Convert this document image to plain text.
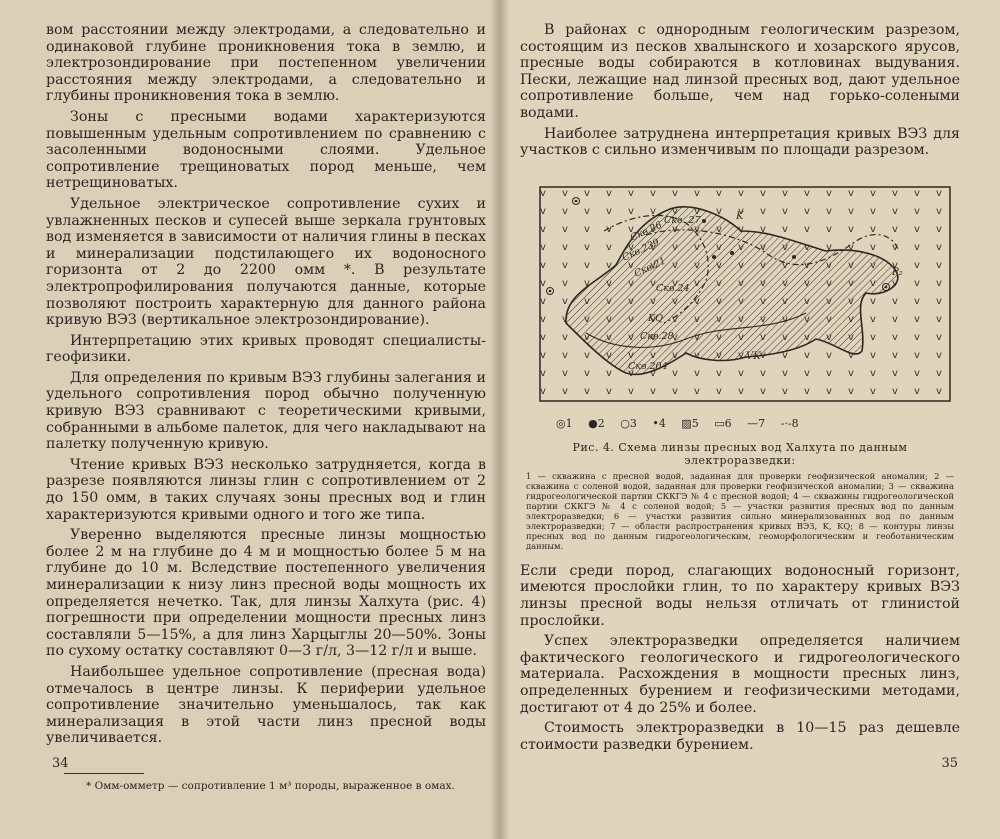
вом расстоянии между электродами, а следовательно и одинаковой глубине проникновения тока в землю, и электрозондирование при постепенном увеличении расстояния между электродами, а следовательно и глубины проникновения тока в землю.

Зоны с пресными водами характеризуются повышенным удельным сопротивлением по сравнению с засоленными водоносными слоями. Удельное сопротивление трещиноватых пород меньше, чем нетрещиноватых.

Удельное электрическое сопротивление сухих и увлажненных песков и супесей выше зеркала грунтовых вод изменяется в зависимости от наличия глины в песках и минерализации подстилающего их водоносного горизонта от 2 до 2200 омм *. В результате электропрофилирования получаются данные, которые позволяют построить характерную для данного района кривую ВЭЗ (вертикальное электрозондирование).

Интерпретацию этих кривых проводят специалисты-геофизики.

Для определения по кривым ВЭЗ глубины залегания и удельного сопротивления пород обычно полученную кривую ВЭЗ сравнивают с теоретическими кривыми, собранными в альбоме палеток, для чего накладывают на палетку полученную кривую.

Чтение кривых ВЭЗ несколько затрудняется, когда в разрезе появляются линзы глин с сопротивлением от 2 до 150 омм, в таких случаях зоны пресных вод и глин характеризуются кривыми одного и того же типа.

Уверенно выделяются пресные линзы мощностью более 2 м на глубине до 4 м и мощностью более 5 м на глубине до 10 м. Вследствие постепенного увеличения минерализации к низу линз пресной воды мощность их определяется нечетко. Так, для линзы Халхута (рис. 4) погрешности при определении мощности пресных линз составляли 5—15%, а для линз Харцыглы 20—50%. Зоны по сухому остатку составляют 0—3 г/л, 3—12 г/л и выше.

Наибольшее удельное сопротивление (пресная вода) отмечалось в центре линзы. К периферии удельное сопротивление значительно уменьшалось, так как минерализация в этой части линз пресной воды увеличивается.

* Омм-омметр — сопротивление 1 м³ породы, выраженное в омах.

34

В районах с однородным геологическим разрезом, состоящим из песков хвалынского и хозарского ярусов, пресные воды собираются в котловинах выдувания. Пески, лежащие над линзой пресных вод, дают удельное сопротивление больше, чем над горько-солеными водами.

Наиболее затруднена интерпретация кривых ВЭЗ для участков с сильно изменчивым по площади разрезом.

Скв. 27
Скв.26
Скв.239
Скв.21
Скв.24
KQ
Скв.28
Скв.204
K
VK
P₂
◎1 ●2 ○3 •4 ▨5 ▭6 —7 -·-8
Рис. 4. Схема линзы пресных вод Халхута по данным электроразведки:
1 — скважина с пресной водой, заданная для проверки геофизической аномалии; 2 — скважина с соленой водой, заданная для проверки геофизической аномалии; 3 — скважина гидрогеологической партии СККГЭ № 4 с пресной водой; 4 — скважины гидрогеологической партии СККГЭ № 4 с соленой водой; 5 — участки развития пресных вод по данным электроразведки; 6 — участки развития сильно минерализованных вод по данным электроразведки; 7 — области распространения кривых ВЭЗ, K, KQ; 8 — контуры линзы пресных вод по данным гидрогеологическим, геоморфологическим и геоботаническим данным.

Если среди пород, слагающих водоносный горизонт, имеются прослойки глин, то по характеру кривых ВЭЗ линзы пресной воды нельзя отличать от глинистой прослойки.

Успех электроразведки определяется наличием фактического геологического и гидрогеологического материала. Расхождения в мощности пресных линз, определенных бурением и геофизическими методами, достигают от 4 до 25% и более.

Стоимость электроразведки в 10—15 раз дешевле стоимости разведки бурением.

35
